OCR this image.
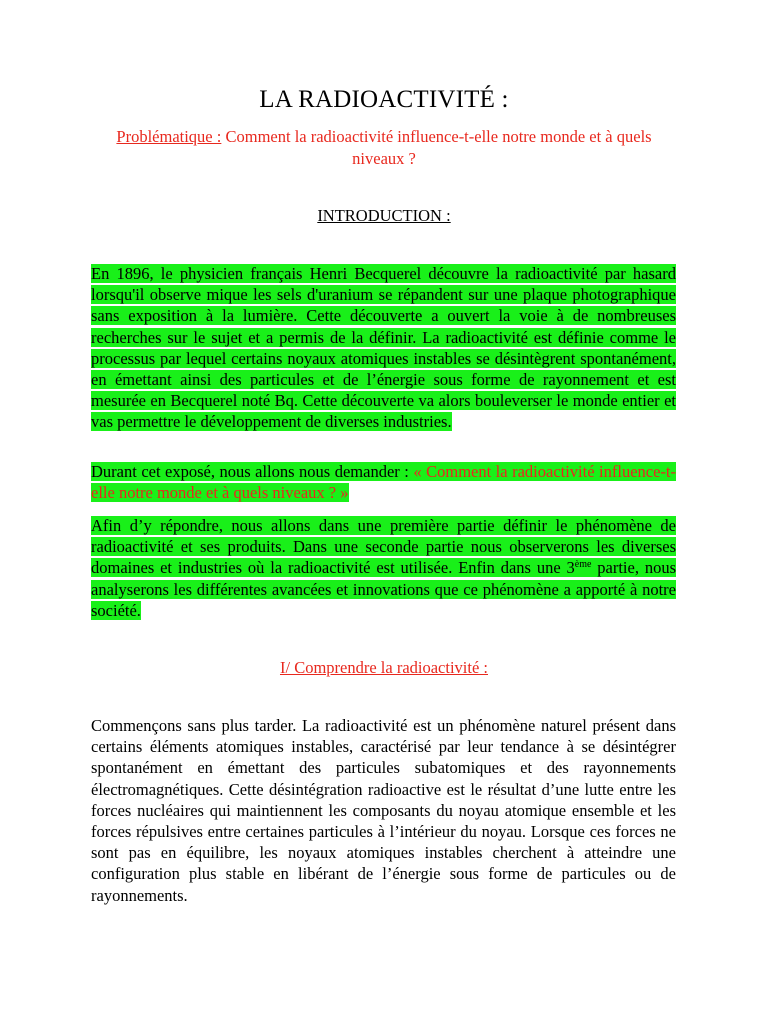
LA RADIOACTIVITÉ :
Problématique : Comment la radioactivité influence-t-elle notre monde et à quels niveaux ?
INTRODUCTION :
En 1896, le physicien français Henri Becquerel découvre la radioactivité par hasard lorsqu'il observe mique les sels d'uranium se répandent sur une plaque photographique sans exposition à la lumière. Cette découverte a ouvert la voie à de nombreuses recherches sur le sujet et a permis de la définir. La radioactivité est définie comme le processus par lequel certains noyaux atomiques instables se désintègrent spontanément, en émettant ainsi des particules et de l’énergie sous forme de rayonnement et est mesurée en Becquerel noté Bq. Cette découverte va alors bouleverser le monde entier et vas permettre le développement de diverses industries.
Durant cet exposé, nous allons nous demander : « Comment la radioactivité influence-t-elle notre monde et à quels niveaux ? »
Afin d’y répondre, nous allons dans une première partie définir le phénomène de radioactivité et ses produits. Dans une seconde partie nous observerons les diverses domaines et industries où la radioactivité est utilisée. Enfin dans une 3ème partie, nous analyserons les différentes avancées et innovations que ce phénomène a apporté à notre société.
I/ Comprendre la radioactivité :
Commençons sans plus tarder. La radioactivité est un phénomène naturel présent dans certains éléments atomiques instables, caractérisé par leur tendance à se désintégrer spontanément en émettant des particules subatomiques et des rayonnements électromagnétiques. Cette désintégration radioactive est le résultat d’une lutte entre les forces nucléaires qui maintiennent les composants du noyau atomique ensemble et les forces répulsives entre certaines particules à l’intérieur du noyau. Lorsque ces forces ne sont pas en équilibre, les noyaux atomiques instables cherchent à atteindre une configuration plus stable en libérant de l’énergie sous forme de particules ou de rayonnements.
